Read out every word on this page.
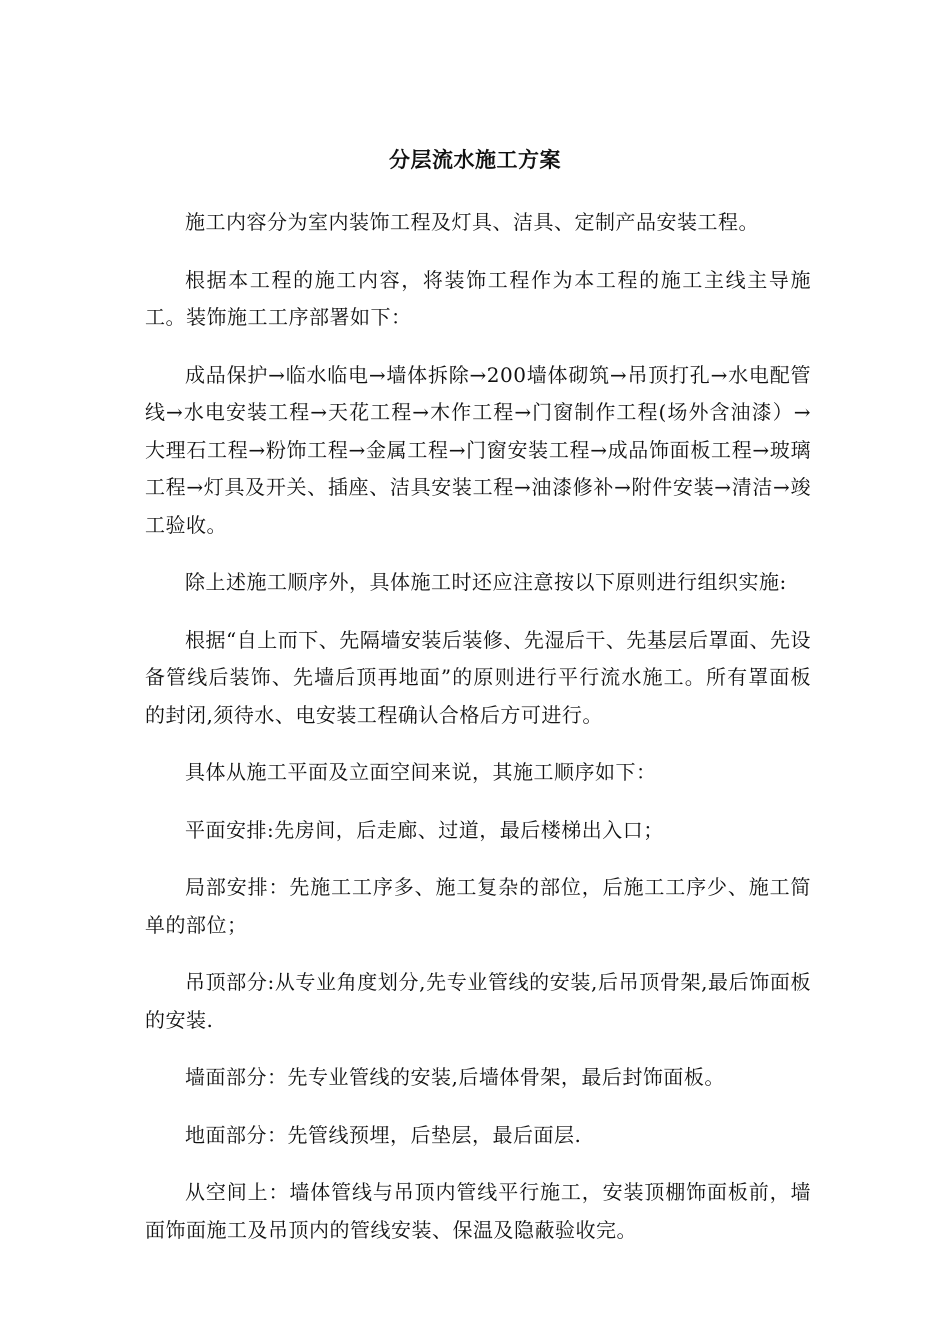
分层流水施工方案

施工内容分为室内装饰工程及灯具、洁具、定制产品安装工程。

根据本工程的施工内容，将装饰工程作为本工程的施工主线主导施工。装饰施工工序部署如下：

成品保护→临水临电→墙体拆除→200墙体砌筑→吊顶打孔→水电配管线→水电安装工程→天花工程→木作工程→门窗制作工程(场外含油漆）→大理石工程→粉饰工程→金属工程→门窗安装工程→成品饰面板工程→玻璃工程→灯具及开关、插座、洁具安装工程→油漆修补→附件安装→清洁→竣工验收。

除上述施工顺序外，具体施工时还应注意按以下原则进行组织实施:

根据“自上而下、先隔墙安装后装修、先湿后干、先基层后罩面、先设备管线后装饰、先墙后顶再地面”的原则进行平行流水施工。所有罩面板的封闭,须待水、电安装工程确认合格后方可进行。

具体从施工平面及立面空间来说，其施工顺序如下：

平面安排:先房间，后走廊、过道，最后楼梯出入口；

局部安排：先施工工序多、施工复杂的部位，后施工工序少、施工简单的部位；

吊顶部分:从专业角度划分,先专业管线的安装,后吊顶骨架,最后饰面板的安装.

墙面部分：先专业管线的安装,后墙体骨架，最后封饰面板。

地面部分：先管线预埋，后垫层，最后面层.

从空间上：墙体管线与吊顶内管线平行施工，安装顶棚饰面板前，墙面饰面施工及吊顶内的管线安装、保温及隐蔽验收完。
